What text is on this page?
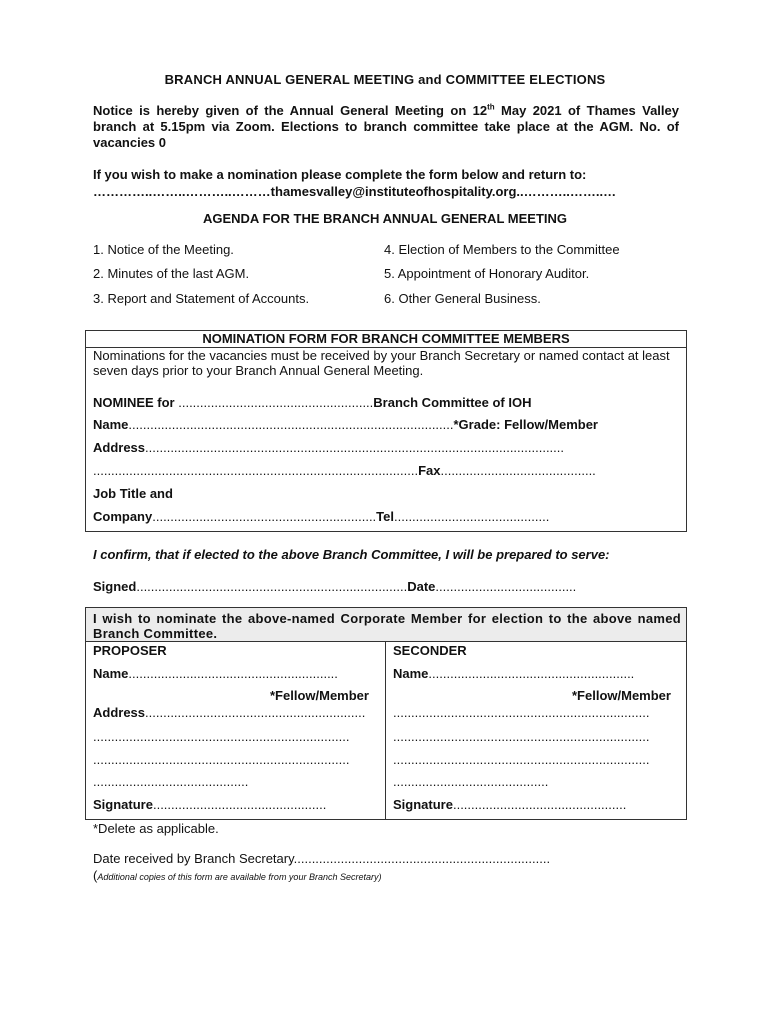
BRANCH ANNUAL GENERAL MEETING and COMMITTEE ELECTIONS
Notice is hereby given of the Annual General Meeting on 12th May 2021 of Thames Valley branch at 5.15pm via Zoom. Elections to branch committee take place at the AGM. No. of vacancies 0
If you wish to make a nomination please complete the form below and return to:
…………..……..………..………thamesvalley@instituteofhospitality.org..………..……..…
AGENDA FOR THE BRANCH ANNUAL GENERAL MEETING
1. Notice of the Meeting.
2. Minutes of the last AGM.
3. Report and Statement of Accounts.
4. Election of Members to the Committee
5. Appointment of Honorary Auditor.
6. Other General Business.
NOMINATION FORM FOR BRANCH COMMITTEE MEMBERS
Nominations for the vacancies must be received by your Branch Secretary or named contact at least seven days prior to your Branch Annual General Meeting.
NOMINEE for ......................................................Branch Committee of IOH
Name..........................................................................................*Grade: Fellow/Member
Address....................................................................................................................
..........................................................................................Fax...........................................
Job Title and
Company..............................................................Tel...........................................
I confirm, that if elected to the above Branch Committee, I will be prepared to serve:
Signed...........................................................................Date.......................................
I wish to nominate the above-named Corporate Member for election to the above named Branch Committee.
PROPOSER
Name..........................................................
*Fellow/Member
Address.............................................................
.......................................................................
.......................................................................
...........................................
Signature................................................
SECONDER
Name.........................................................
*Fellow/Member
.......................................................................
.......................................................................
.......................................................................
...........................................
Signature................................................
*Delete as applicable.
Date received by Branch Secretary.......................................................................
(Additional copies of this form are available from your Branch Secretary)
